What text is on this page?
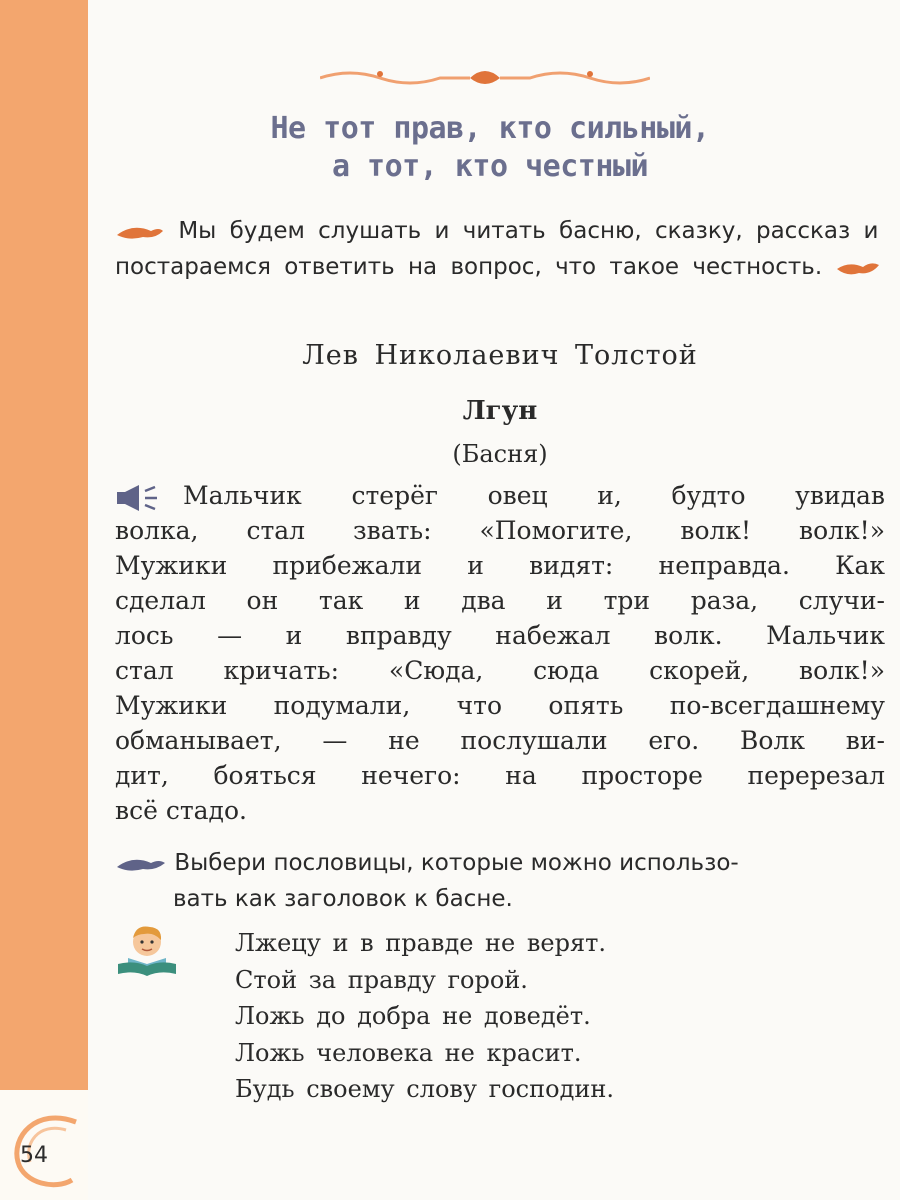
54
Не тот прав, кто сильный,
а тот, кто честный
Мы будем слушать и читать басню, сказку, рассказ и постараемся ответить на вопрос, что такое честность.
Лев Николаевич Толстой
Лгун
(Басня)
Мальчик стерёг овец и, будто увидав
волка, стал звать: «Помогите, волк! волк!»
Мужики прибежали и видят: неправда. Как
сделал он так и два и три раза, случи-
лось — и вправду набежал волк. Мальчик
стал кричать: «Сюда, сюда скорей, волк!»
Мужики подумали, что опять по-всегдашнему
обманывает, — не послушали его. Волк ви-
дит, бояться нечего: на просторе перерезал
всё стадо.
Выбери пословицы, которые можно использо-
вать как заголовок к басне.
Лжецу и в правде не верят.
Стой за правду горой.
Ложь до добра не доведёт.
Ложь человека не красит.
Будь своему слову господин.
